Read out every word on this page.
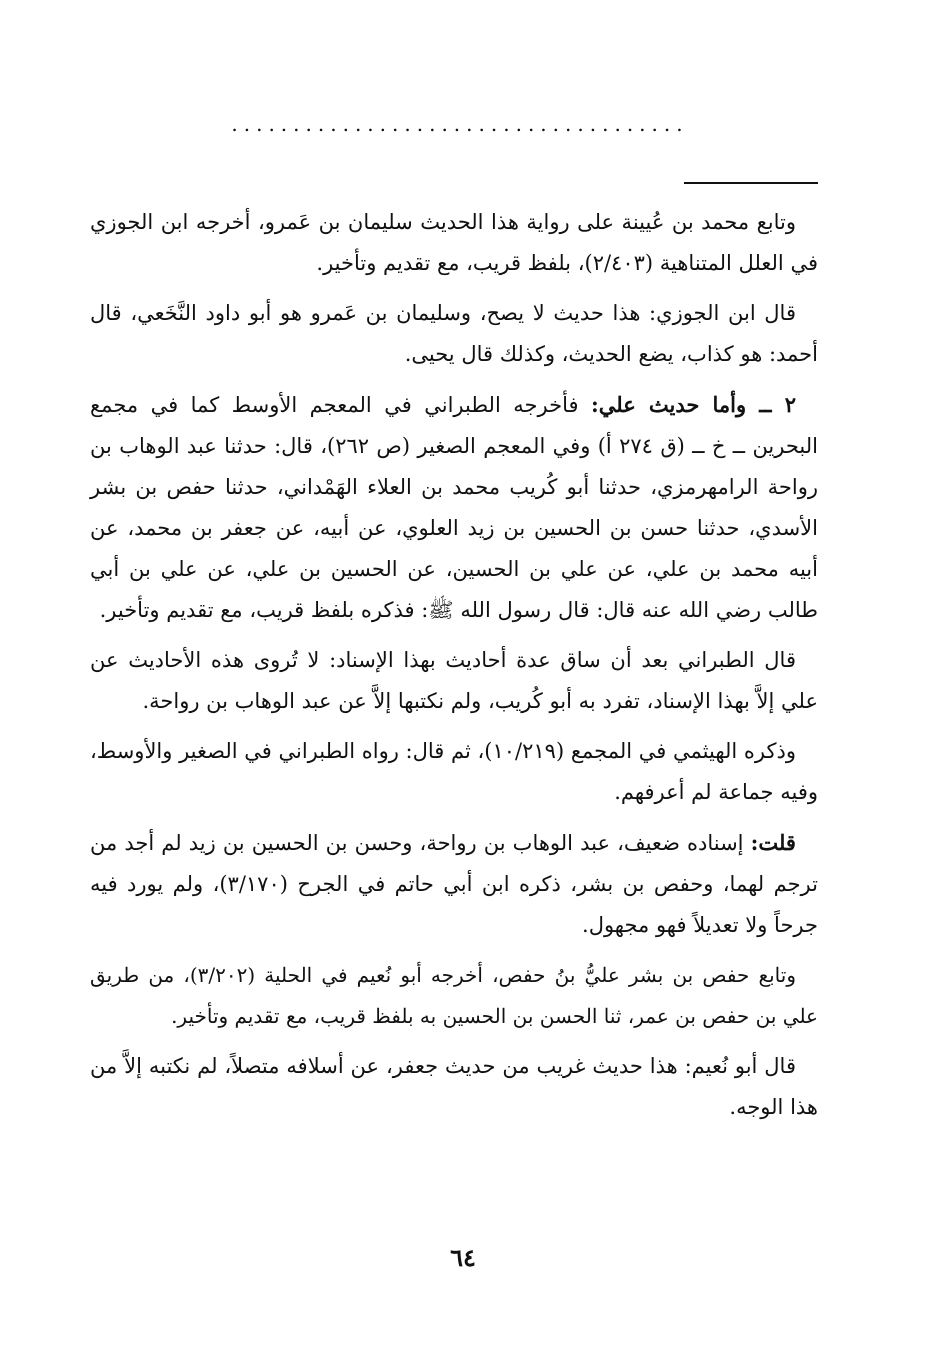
.....................................

وتابع محمد بن عُيينة على رواية هذا الحديث سليمان بن عَمرو، أخرجه ابن الجوزي في العلل المتناهية (٢/٤٠٣)، بلفظ قريب، مع تقديم وتأخير.

قال ابن الجوزي: هذا حديث لا يصح، وسليمان بن عَمرو هو أبو داود النَّخَعي، قال أحمد: هو كذاب، يضع الحديث، وكذلك قال يحيى.

٢ ــ وأما حديث علي: فأخرجه الطبراني في المعجم الأوسط كما في مجمع البحرين ــ خ ــ (ق ٢٧٤ أ) وفي المعجم الصغير (ص ٢٦٢)، قال: حدثنا عبد الوهاب بن رواحة الرامهرمزي، حدثنا أبو كُريب محمد بن العلاء الهَمْداني، حدثنا حفص بن بشر الأسدي، حدثنا حسن بن الحسين بن زيد العلوي، عن أبيه، عن جعفر بن محمد، عن أبيه محمد بن علي، عن علي بن الحسين، عن الحسين بن علي، عن علي بن أبي طالب رضي الله عنه قال: قال رسول الله ﷺ: فذكره بلفظ قريب، مع تقديم وتأخير.

قال الطبراني بعد أن ساق عدة أحاديث بهذا الإسناد: لا تُروى هذه الأحاديث عن علي إلاَّ بهذا الإسناد، تفرد به أبو كُريب، ولم نكتبها إلاَّ عن عبد الوهاب بن رواحة.

وذكره الهيثمي في المجمع (١٠/٢١٩)، ثم قال: رواه الطبراني في الصغير والأوسط، وفيه جماعة لم أعرفهم.

قلت: إسناده ضعيف، عبد الوهاب بن رواحة، وحسن بن الحسين بن زيد لم أجد من ترجم لهما، وحفص بن بشر، ذكره ابن أبي حاتم في الجرح (٣/١٧٠)، ولم يورد فيه جرحاً ولا تعديلاً فهو مجهول.

وتابع حفص بن بشر عليُّ بنُ حفص، أخرجه أبو نُعيم في الحلية (٣/٢٠٢)، من طريق علي بن حفص بن عمر، ثنا الحسن بن الحسين به بلفظ قريب، مع تقديم وتأخير.

قال أبو نُعيم: هذا حديث غريب من حديث جعفر، عن أسلافه متصلاً، لم نكتبه إلاَّ من هذا الوجه.

٦٤
